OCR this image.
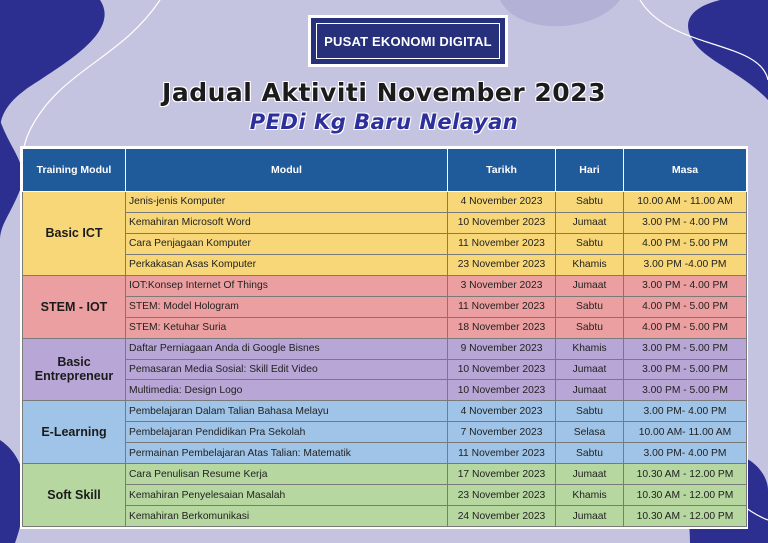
PUSAT EKONOMI DIGITAL
Jadual Aktiviti November 2023
PEDi Kg Baru Nelayan
Training Modul	Modul	Tarikh	Hari	Masa
Basic ICT	Jenis-jenis Komputer	4 November 2023	Sabtu	10.00 AM - 11.00 AM
	Kemahiran Microsoft Word	10 November 2023	Jumaat	3.00 PM - 4.00 PM
	Cara Penjagaan Komputer	11 November 2023	Sabtu	4.00 PM - 5.00 PM
	Perkakasan Asas Komputer	23 November 2023	Khamis	3.00 PM -4.00 PM
STEM - IOT	IOT:Konsep Internet Of Things	3 November 2023	Jumaat	3.00 PM - 4.00 PM
	STEM: Model Hologram	11 November 2023	Sabtu	4.00 PM - 5.00 PM
	STEM: Ketuhar Suria	18 November 2023	Sabtu	4.00 PM - 5.00 PM
Basic Entrepreneur	Daftar Perniagaan Anda di Google Bisnes	9 November 2023	Khamis	3.00 PM - 5.00 PM
	Pemasaran Media Sosial: Skill Edit Video	10 November 2023	Jumaat	3.00 PM - 5.00 PM
	Multimedia: Design Logo	10 November 2023	Jumaat	3.00 PM - 5.00 PM
E-Learning	Pembelajaran Dalam Talian Bahasa Melayu	4 November 2023	Sabtu	3.00 PM- 4.00 PM
	Pembelajaran Pendidikan Pra Sekolah	7 November 2023	Selasa	10.00 AM- 11.00 AM
	Permainan Pembelajaran Atas Talian: Matematik	11 November 2023	Sabtu	3.00 PM- 4.00 PM
Soft Skill	Cara Penulisan Resume Kerja	17 November 2023	Jumaat	10.30 AM - 12.00 PM
	Kemahiran Penyelesaian Masalah	23 November 2023	Khamis	10.30 AM - 12.00 PM
	Kemahiran Berkomunikasi	24 November 2023	Jumaat	10.30 AM - 12.00 PM
